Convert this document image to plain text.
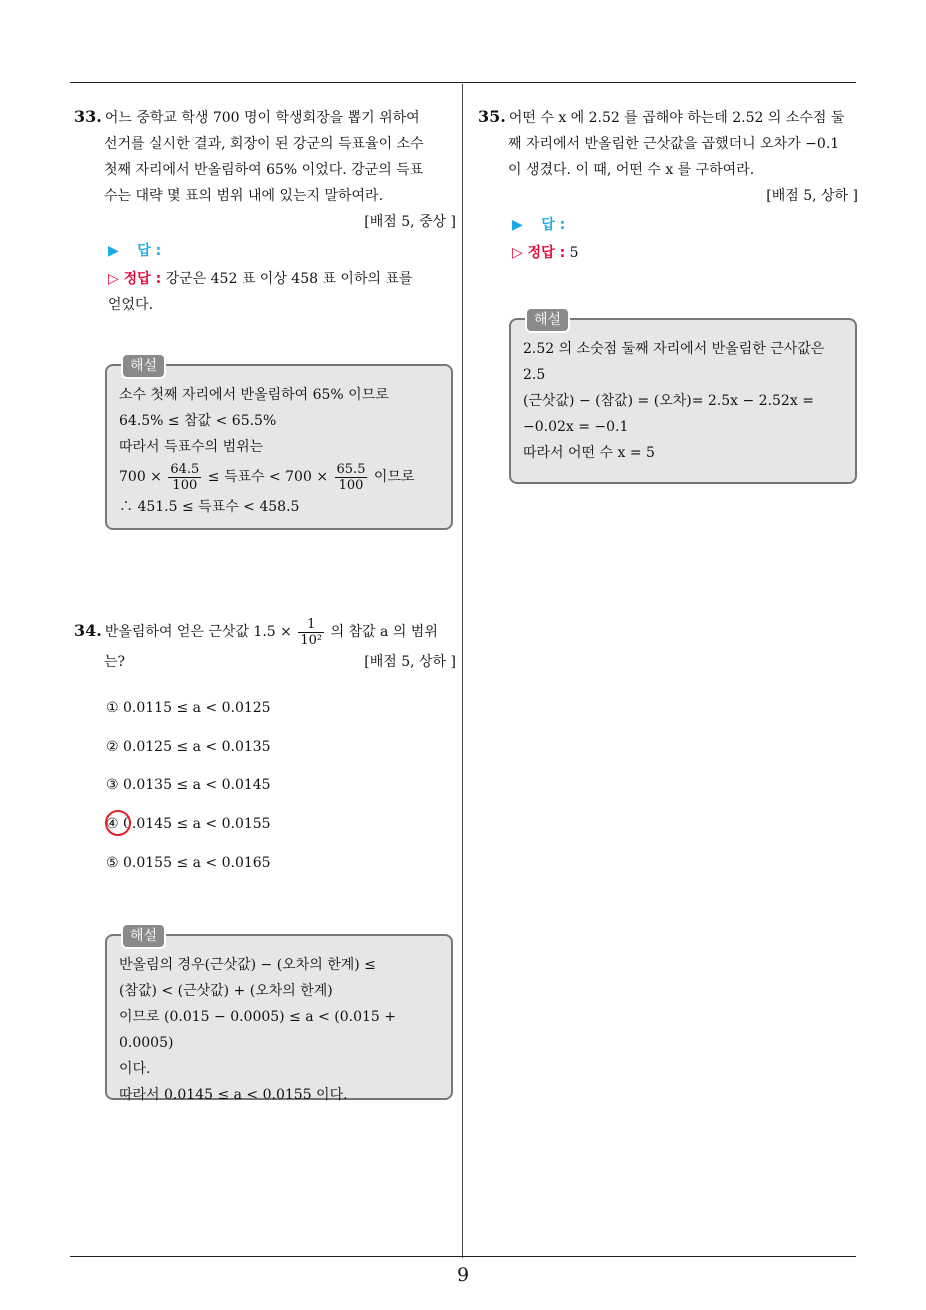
9
33. 어느 중학교 학생 700 명이 학생회장을 뽑기 위하여
선거를 실시한 결과, 회장이 된 강군의 득표율이 소수
첫째 자리에서 반올림하여 65% 이었다. 강군의 득표
수는 대략 몇 표의 범위 내에 있는지 말하여라.
[배점 5, 중상 ]
▶ 답 :
▷ 정답 : 강군은 452 표 이상 458 표 이하의 표를
얻었다.
해설
소수 첫째 자리에서 반올림하여 65% 이므로
64.5% ≤ 참값 < 65.5%
따라서 득표수의 범위는
$700 \times \frac{64.5}{100}$ ≤ 득표수 < $700 \times \frac{65.5}{100}$ 이므로
∴ 451.5 ≤ 득표수 < 458.5
34. 반올림하여 얻은 근삿값 $1.5 \times \frac{1}{\text{10²}}$ 의 참값 a 의 범위
는?	[배점 5, 상하 ]
① 0.0115 ≤ a < 0.0125
② 0.0125 ≤ a < 0.0135
③ 0.0135 ≤ a < 0.0145
④ 0.0145 ≤ a < 0.0155
⑤ 0.0155 ≤ a < 0.0165
해설
반올림의 경우(근삿값) − (오차의 한계) ≤
(참값) < (근삿값) + (오차의 한계)
이므로 (0.015 − 0.0005) ≤ a < (0.015 + 0.0005)
이다.
따라서 0.0145 ≤ a < 0.0155 이다.
35. 어떤 수 x 에 2.52 를 곱해야 하는데 2.52 의 소수점 둘
째 자리에서 반올림한 근삿값을 곱했더니 오차가 −0.1
이 생겼다. 이 때, 어떤 수 x 를 구하여라.
[배점 5, 상하 ]
▶ 답 :
▷ 정답 : 5
해설
2.52 의 소숫점 둘째 자리에서 반올림한 근사값은
2.5
(근삿값) − (참값) = (오차)= 2.5x − 2.52x =
−0.02x = −0.1
따라서 어떤 수 x = 5
